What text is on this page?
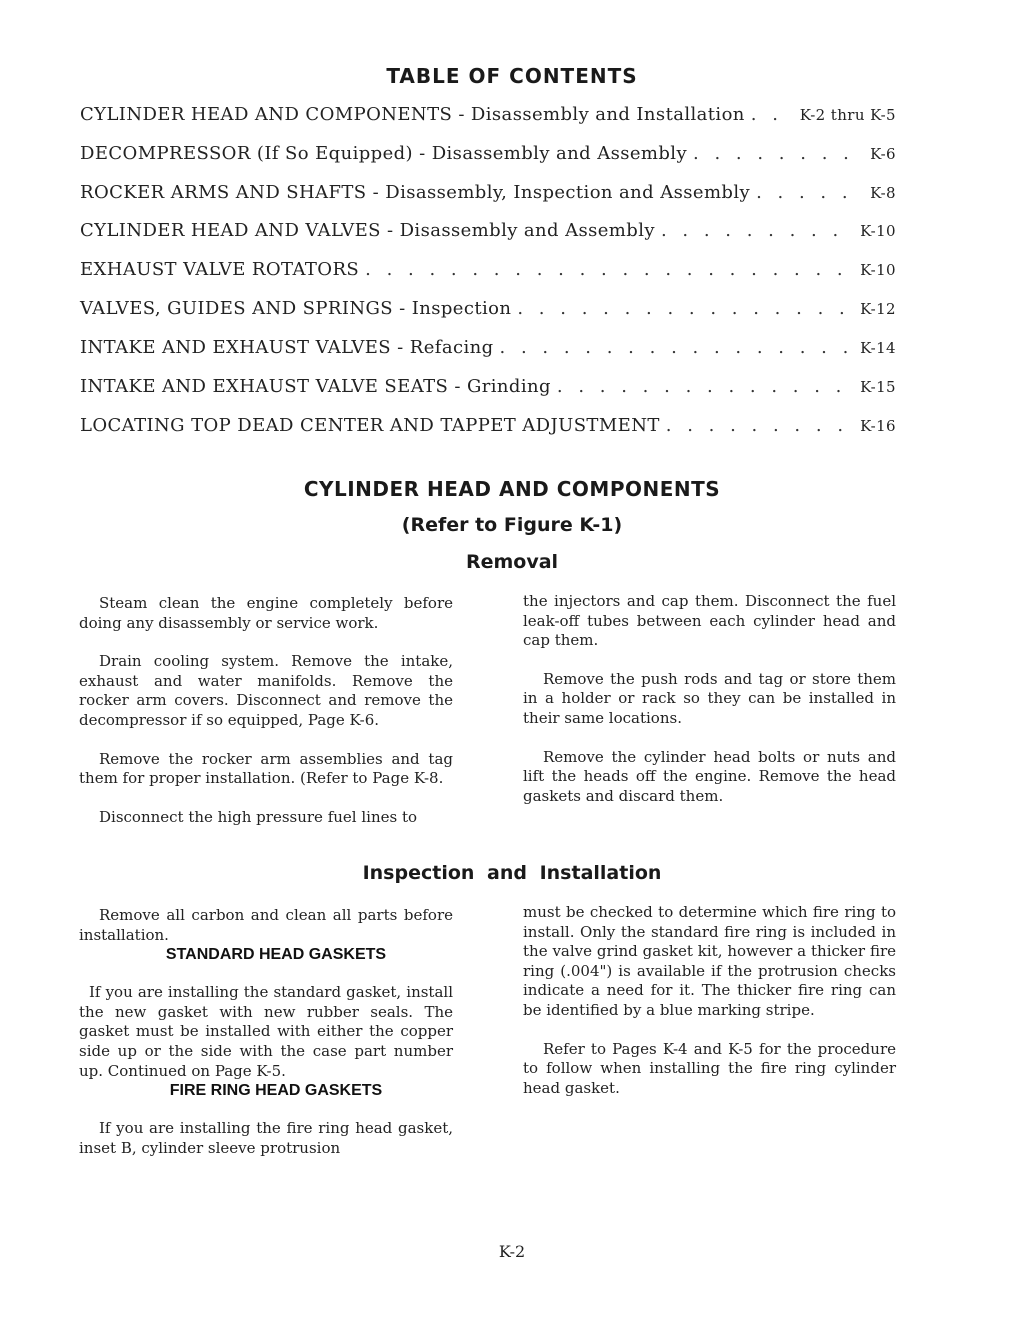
TABLE OF CONTENTS
CYLINDER HEAD AND COMPONENTS - Disassembly and Installation . . .	K-2 thru K-5
DECOMPRESSOR (If So Equipped) - Disassembly and Assembly . . .	K-6
ROCKER ARMS AND SHAFTS - Disassembly, Inspection and Assembly . . .	K-8
CYLINDER HEAD AND VALVES - Disassembly and Assembly . . .	K-10
EXHAUST VALVE ROTATORS . . .	K-10
VALVES, GUIDES AND SPRINGS - Inspection . . .	K-12
INTAKE AND EXHAUST VALVES - Refacing . . .	K-14
INTAKE AND EXHAUST VALVE SEATS - Grinding . . .	K-15
LOCATING TOP DEAD CENTER AND TAPPET ADJUSTMENT . . .	K-16
CYLINDER HEAD AND COMPONENTS
(Refer to Figure K-1)
Removal

Steam clean the engine completely before doing any disassembly or service work.

Drain cooling system. Remove the intake, exhaust and water manifolds. Remove the rocker arm covers. Disconnect and remove the decompressor if so equipped, Page K-6.

Remove the rocker arm assemblies and tag them for proper installation. (Refer to Page K-8.

Disconnect the high pressure fuel lines to

the injectors and cap them. Disconnect the fuel leak-off tubes between each cylinder head and cap them.

Remove the push rods and tag or store them in a holder or rack so they can be installed in their same locations.

Remove the cylinder head bolts or nuts and lift the heads off the engine. Remove the head gaskets and discard them.

Inspection and Installation

Remove all carbon and clean all parts before installation.

STANDARD HEAD GASKETS

If you are installing the standard gasket, install the new gasket with new rubber seals. The gasket must be installed with either the copper side up or the side with the case part number up. Continued on Page K-5.

FIRE RING HEAD GASKETS

If you are installing the fire ring head gasket, inset B, cylinder sleeve protrusion

must be checked to determine which fire ring to install. Only the standard fire ring is included in the valve grind gasket kit, however a thicker fire ring (.004") is available if the protrusion checks indicate a need for it. The thicker fire ring can be identified by a blue marking stripe.

Refer to Pages K-4 and K-5 for the procedure to follow when installing the fire ring cylinder head gasket.

K-2
